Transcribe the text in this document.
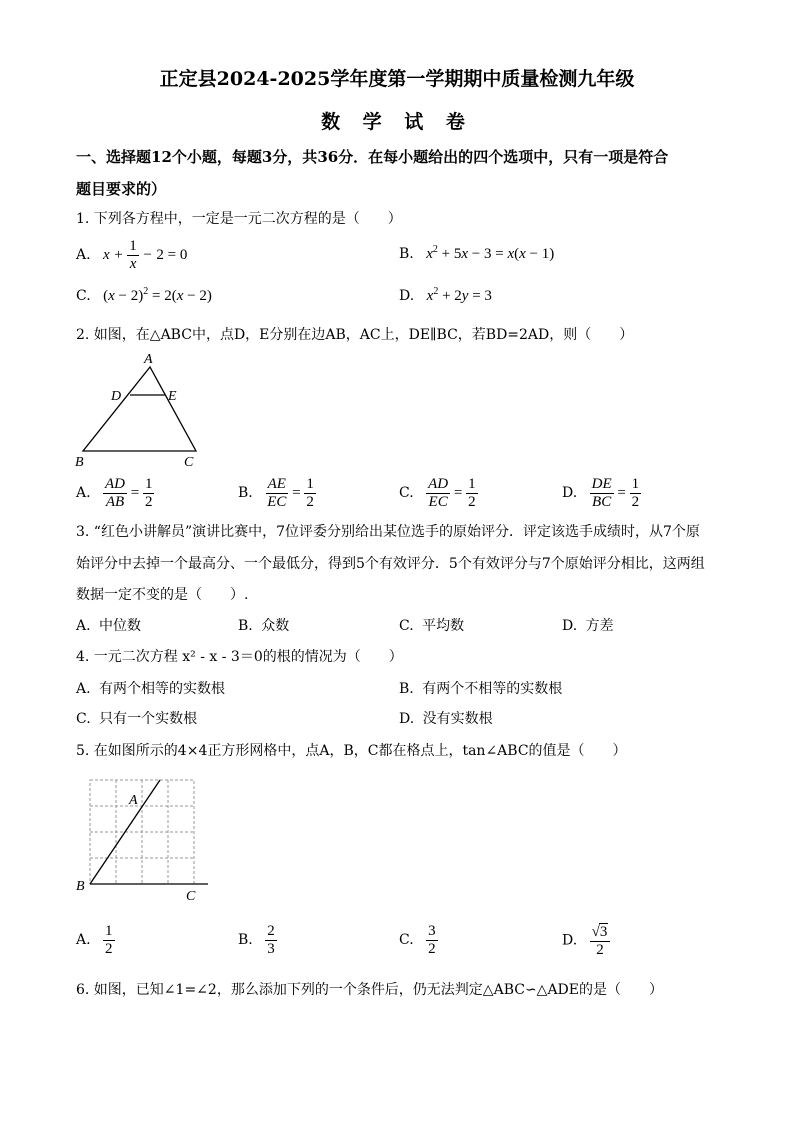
正定县2024-2025学年度第一学期期中质量检测九年级
数 学 试 卷
一、选择题12个小题，每题3分，共36分．在每小题给出的四个选项中，只有一项是符合
题目要求的）
1. 下列各方程中，一定是一元二次方程的是（　　）
A. $x + \frac{1}{x} - 2 = 0$	B. $x^2 + 5x - 3 = x(x - 1)$
C. $(x - 2)^2 = 2(x - 2)$	D. $x^2 + 2y = 3$
2. 如图，在△ABC中，点D，E分别在边AB，AC上，DE∥BC，若BD=2AD，则（　　）
A
D	E
B	C
A. $\frac{AD}{AB} = \frac{1}{2}$	B. $\frac{AE}{EC} = \frac{1}{2}$	C. $\frac{AD}{EC} = \frac{1}{2}$	D. $\frac{DE}{BC} = \frac{1}{2}$
3. “红色小讲解员”演讲比赛中，7位评委分别给出某位选手的原始评分．评定该选手成绩时，从7个原
始评分中去掉一个最高分、一个最低分，得到5个有效评分．5个有效评分与7个原始评分相比，这两组
数据一定不变的是（　　）.
A. 中位数	B. 众数	C. 平均数	D. 方差
4. 一元二次方程 x² - x - 3＝0的根的情况为（　　）
A. 有两个相等的实数根	B. 有两个不相等的实数根
C. 只有一个实数根	D. 没有实数根
5. 在如图所示的4×4正方形网格中，点A，B，C都在格点上，tan∠ABC的值是（　　）
A
B
C
A. $\frac{1}{2}$	B. $\frac{2}{3}$	C. $\frac{3}{2}$	D. $\frac{√3}{2}$
6. 如图，已知∠1=∠2，那么添加下列的一个条件后，仍无法判定△ABC∽△ADE的是（　　）
